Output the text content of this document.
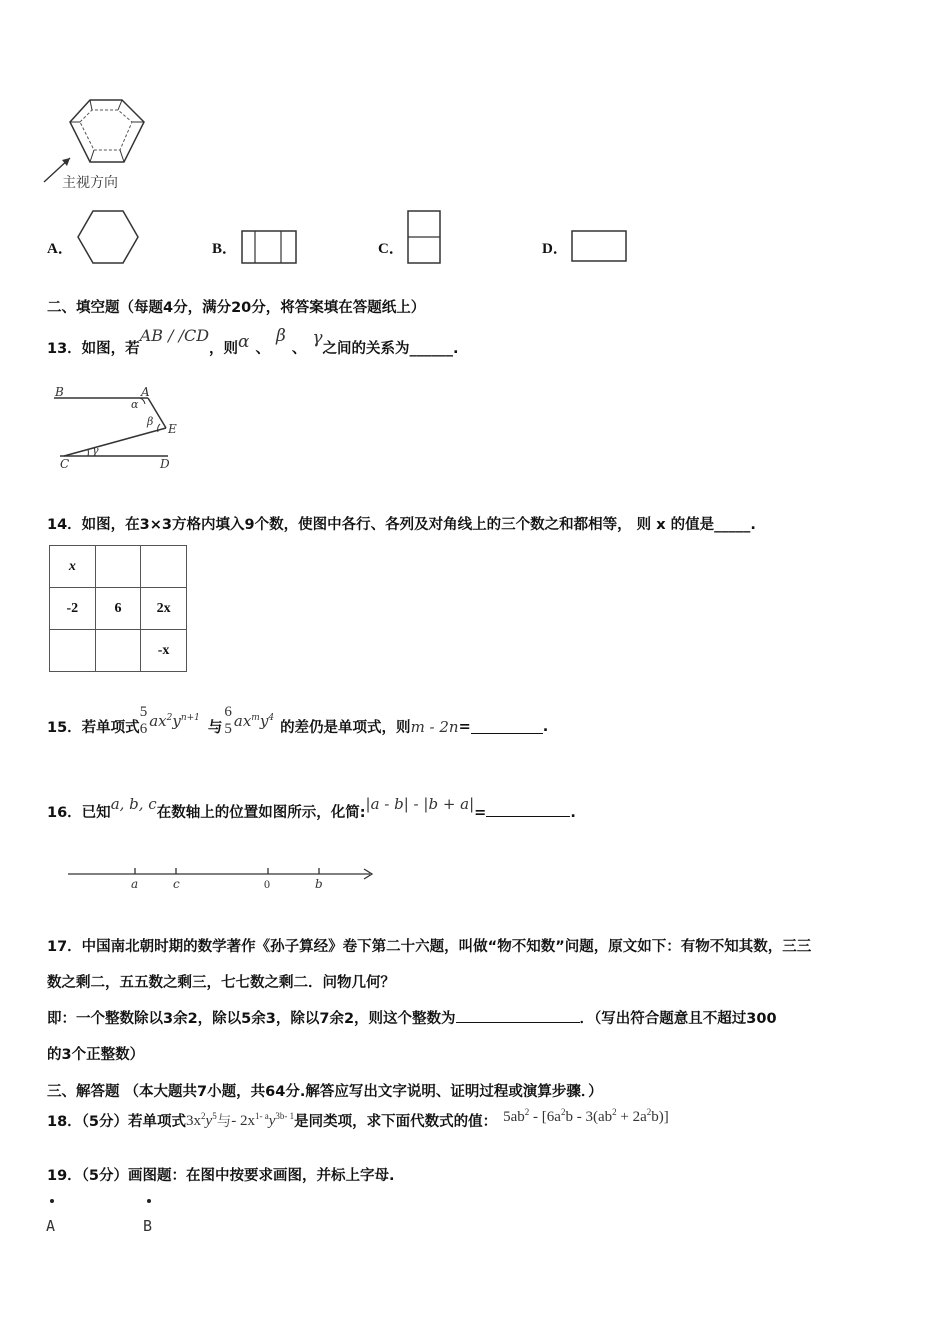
主视方向
A．	B．	C．	D．
二、填空题（每题4分，满分20分，将答案填在答题纸上）
13．如图，若AB / /CD，则α 、β、γ之间的关系为______.
B	A
α
β
E
C
γ
D
14．如图，在3×3方格内填入9个数，使图中各行、各列及对角线上的三个数之和都相等， 则 x 的值是_____.
x		
-2	6	2x
		-x
15．若单项式
5
6 $ax^2y^{n+1}$
与
6
5 $ax^my^4$
的差仍是单项式，则 m - 2n =	.
16．已知a, b, c在数轴上的位置如图所示，化简:|a - b| - |b + a|=	.
a	c	0	b
17．中国南北朝时期的数学著作《孙子算经》卷下第二十六题，叫做“物不知数”问题，原文如下：有物不知其数，三三
数之剩二，五五数之剩三，七七数之剩二．问物几何？
即：一个整数除以3余2，除以5余3，除以7余2，则这个整数为	．（写出符合题意且不超过300
的3个正整数）
三、解答题 （本大题共7小题，共64分.解答应写出文字说明、证明过程或演算步骤．）
18．（5分）若单项式 $3x^2y^5$ 与 - $2x^{1- a}y^{3b- 1}$ 是同类项，求下面代数式的值： $5ab^2 - [6a^2b - 3(ab^2 + 2a^2b)]$
19．（5分）画图题：在图中按要求画图，并标上字母.
A	B
